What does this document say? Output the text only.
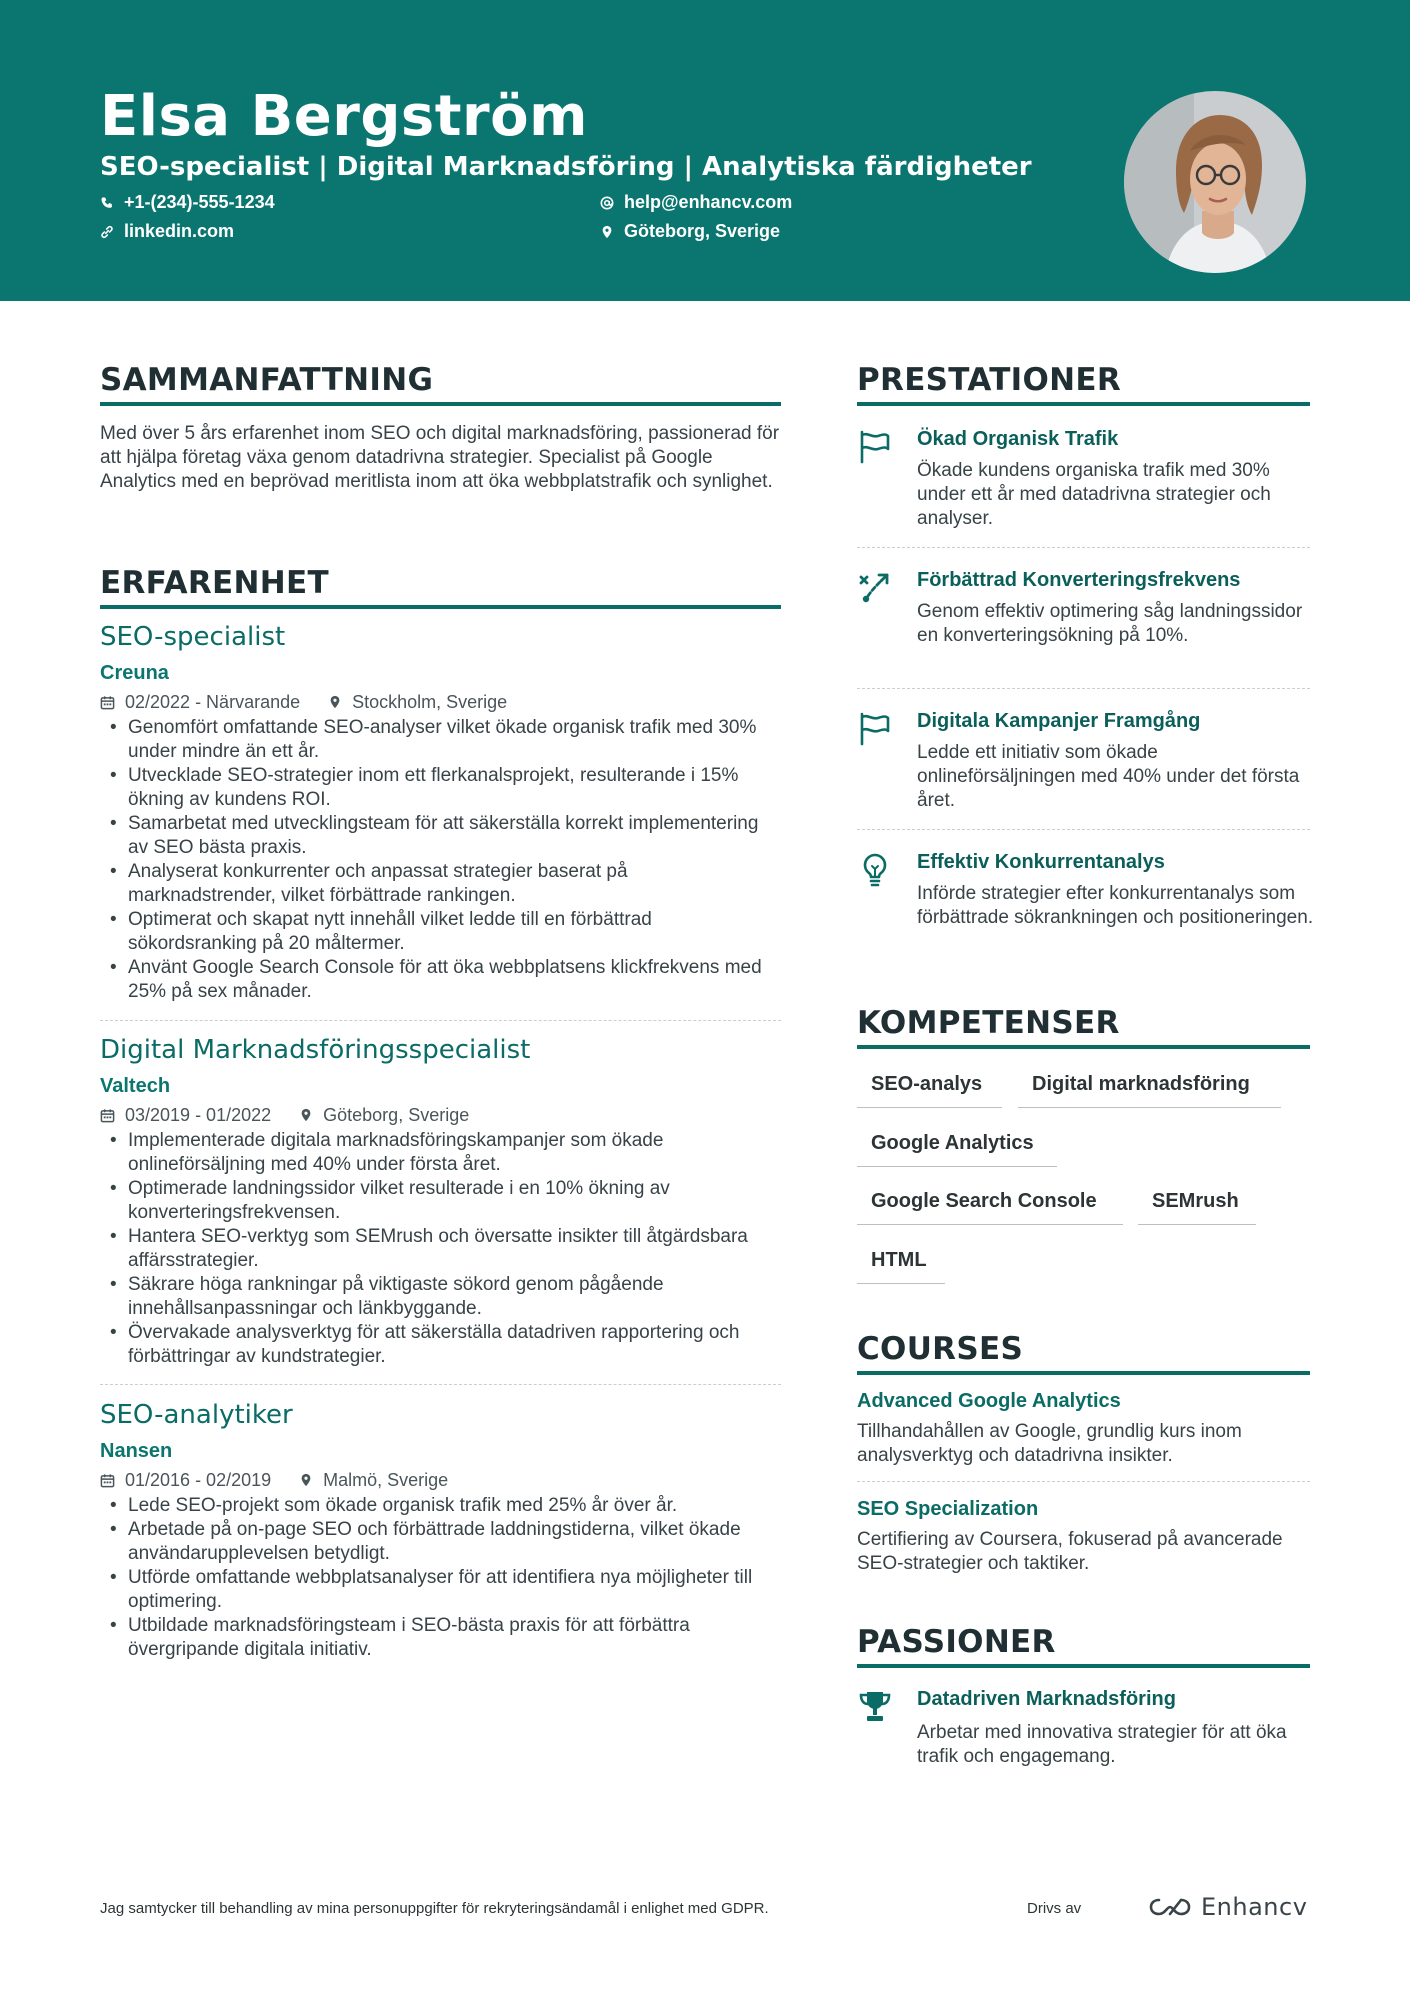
Elsa Bergström
SEO-specialist | Digital Marknadsföring | Analytiska färdigheter
+1-(234)-555-1234	help@enhancv.com
linkedin.com	Göteborg, Sverige
SAMMANFATTNING
Med över 5 års erfarenhet inom SEO och digital marknadsföring, passionerad för att hjälpa företag växa genom datadrivna strategier. Specialist på Google Analytics med en beprövad meritlista inom att öka webbplatstrafik och synlighet.
ERFARENHET
SEO-specialist
Creuna
02/2022 - Närvarande	Stockholm, Sverige
• Genomfört omfattande SEO-analyser vilket ökade organisk trafik med 30% under mindre än ett år.
• Utvecklade SEO-strategier inom ett flerkanalsprojekt, resulterande i 15% ökning av kundens ROI.
• Samarbetat med utvecklingsteam för att säkerställa korrekt implementering av SEO bästa praxis.
• Analyserat konkurrenter och anpassat strategier baserat på marknadstrender, vilket förbättrade rankingen.
• Optimerat och skapat nytt innehåll vilket ledde till en förbättrad sökordsranking på 20 måltermer.
• Använt Google Search Console för att öka webbplatsens klickfrekvens med 25% på sex månader.
Digital Marknadsföringsspecialist
Valtech
03/2019 - 01/2022	Göteborg, Sverige
• Implementerade digitala marknadsföringskampanjer som ökade onlineförsäljning med 40% under första året.
• Optimerade landningssidor vilket resulterade i en 10% ökning av konverteringsfrekvensen.
• Hantera SEO-verktyg som SEMrush och översatte insikter till åtgärdsbara affärsstrategier.
• Säkrare höga rankningar på viktigaste sökord genom pågående innehållsanpassningar och länkbyggande.
• Övervakade analysverktyg för att säkerställa datadriven rapportering och förbättringar av kundstrategier.
SEO-analytiker
Nansen
01/2016 - 02/2019	Malmö, Sverige
• Lede SEO-projekt som ökade organisk trafik med 25% år över år.
• Arbetade på on-page SEO och förbättrade laddningstiderna, vilket ökade användarupplevelsen betydligt.
• Utförde omfattande webbplatsanalyser för att identifiera nya möjligheter till optimering.
• Utbildade marknadsföringsteam i SEO-bästa praxis för att förbättra övergripande digitala initiativ.
PRESTATIONER
Ökad Organisk Trafik
Ökade kundens organiska trafik med 30% under ett år med datadrivna strategier och analyser.
Förbättrad Konverteringsfrekvens
Genom effektiv optimering såg landningssidor en konverteringsökning på 10%.
Digitala Kampanjer Framgång
Ledde ett initiativ som ökade onlineförsäljningen med 40% under det första året.
Effektiv Konkurrentanalys
Införde strategier efter konkurrentanalys som förbättrade sökrankningen och positioneringen.
KOMPETENSER
SEO-analys	Digital marknadsföring
Google Analytics
Google Search Console	SEMrush
HTML
COURSES
Advanced Google Analytics
Tillhandahållen av Google, grundlig kurs inom analysverktyg och datadrivna insikter.
SEO Specialization
Certifiering av Coursera, fokuserad på avancerade SEO-strategier och taktiker.
PASSIONER
Datadriven Marknadsföring
Arbetar med innovativa strategier för att öka trafik och engagemang.
Jag samtycker till behandling av mina personuppgifter för rekryteringsändamål i enlighet med GDPR.	Drivs av	Enhancv
